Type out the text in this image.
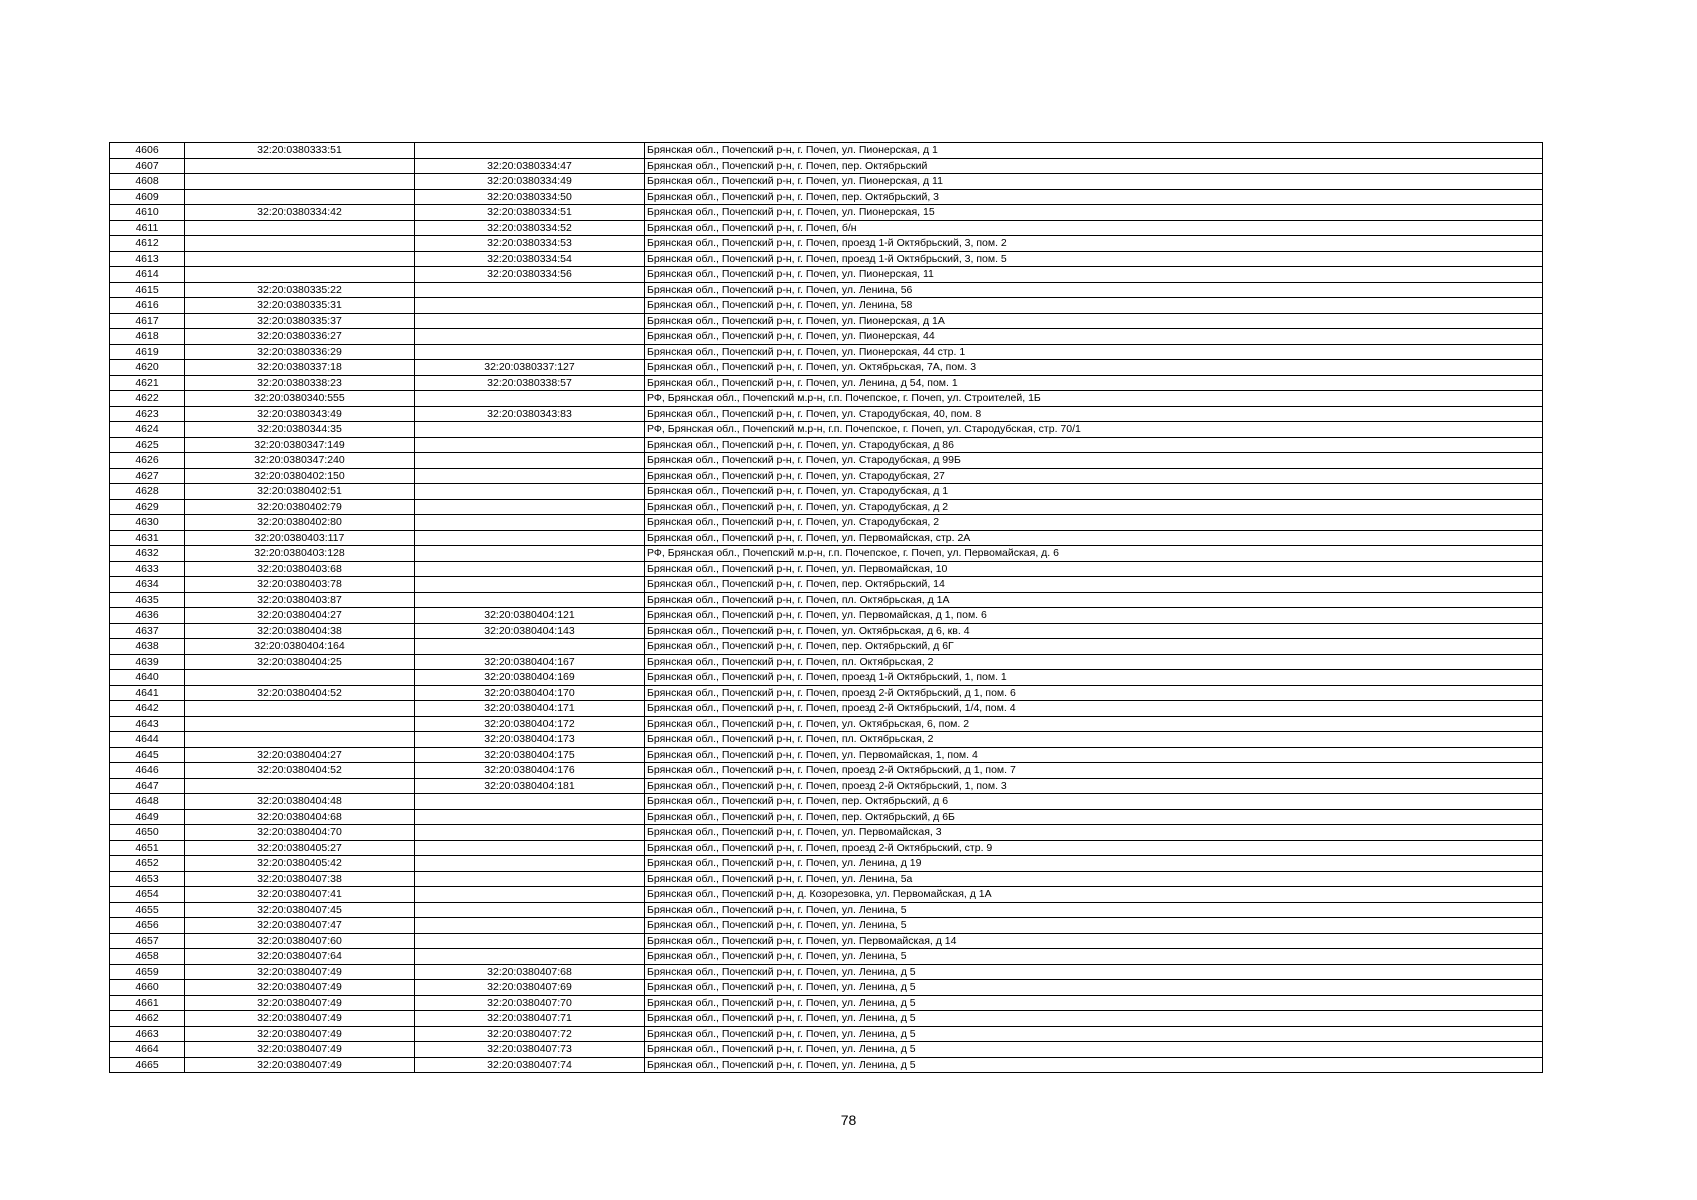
4606	32:20:0380333:51		Брянская обл., Почепский р-н, г. Почеп, ул. Пионерская, д 1
4607		32:20:0380334:47	Брянская обл., Почепский р-н, г. Почеп, пер. Октябрьский
4608		32:20:0380334:49	Брянская обл., Почепский р-н, г. Почеп, ул. Пионерская, д 11
4609		32:20:0380334:50	Брянская обл., Почепский р-н, г. Почеп, пер. Октябрьский, 3
4610	32:20:0380334:42	32:20:0380334:51	Брянская обл., Почепский р-н, г. Почеп, ул. Пионерская, 15
4611		32:20:0380334:52	Брянская обл., Почепский р-н, г. Почеп, б/н
4612		32:20:0380334:53	Брянская обл., Почепский р-н, г. Почеп, проезд 1-й Октябрьский, 3, пом. 2
4613		32:20:0380334:54	Брянская обл., Почепский р-н, г. Почеп, проезд 1-й Октябрьский, 3, пом. 5
4614		32:20:0380334:56	Брянская обл., Почепский р-н, г. Почеп, ул. Пионерская, 11
4615	32:20:0380335:22		Брянская обл., Почепский р-н, г. Почеп, ул. Ленина, 56
4616	32:20:0380335:31		Брянская обл., Почепский р-н, г. Почеп, ул. Ленина, 58
4617	32:20:0380335:37		Брянская обл., Почепский р-н, г. Почеп, ул. Пионерская, д 1А
4618	32:20:0380336:27		Брянская обл., Почепский р-н, г. Почеп, ул. Пионерская, 44
4619	32:20:0380336:29		Брянская обл., Почепский р-н, г. Почеп, ул. Пионерская, 44 стр. 1
4620	32:20:0380337:18	32:20:0380337:127	Брянская обл., Почепский р-н, г. Почеп, ул. Октябрьская, 7А, пом. 3
4621	32:20:0380338:23	32:20:0380338:57	Брянская обл., Почепский р-н, г. Почеп, ул. Ленина, д 54, пом. 1
4622	32:20:0380340:555		РФ, Брянская обл., Почепский м.р-н, г.п. Почепское, г. Почеп, ул. Строителей, 1Б
4623	32:20:0380343:49	32:20:0380343:83	Брянская обл., Почепский р-н, г. Почеп, ул. Стародубская, 40, пом. 8
4624	32:20:0380344:35		РФ, Брянская обл., Почепский м.р-н, г.п. Почепское, г. Почеп, ул. Стародубская, стр. 70/1
4625	32:20:0380347:149		Брянская обл., Почепский р-н, г. Почеп, ул. Стародубская, д 86
4626	32:20:0380347:240		Брянская обл., Почепский р-н, г. Почеп, ул. Стародубская, д 99Б
4627	32:20:0380402:150		Брянская обл., Почепский р-н, г. Почеп, ул. Стародубская, 27
4628	32:20:0380402:51		Брянская обл., Почепский р-н, г. Почеп, ул. Стародубская, д 1
4629	32:20:0380402:79		Брянская обл., Почепский р-н, г. Почеп, ул. Стародубская, д 2
4630	32:20:0380402:80		Брянская обл., Почепский р-н, г. Почеп, ул. Стародубская, 2
4631	32:20:0380403:117		Брянская обл., Почепский р-н, г. Почеп, ул. Первомайская, стр. 2А
4632	32:20:0380403:128		РФ, Брянская обл., Почепский м.р-н, г.п. Почепское, г. Почеп, ул. Первомайская, д. 6
4633	32:20:0380403:68		Брянская обл., Почепский р-н, г. Почеп, ул. Первомайская, 10
4634	32:20:0380403:78		Брянская обл., Почепский р-н, г. Почеп, пер. Октябрьский, 14
4635	32:20:0380403:87		Брянская обл., Почепский р-н, г. Почеп, пл. Октябрьская, д 1А
4636	32:20:0380404:27	32:20:0380404:121	Брянская обл., Почепский р-н, г. Почеп, ул. Первомайская, д 1, пом. 6
4637	32:20:0380404:38	32:20:0380404:143	Брянская обл., Почепский р-н, г. Почеп, ул. Октябрьская, д 6, кв. 4
4638	32:20:0380404:164		Брянская обл., Почепский р-н, г. Почеп, пер. Октябрьский, д 6Г
4639	32:20:0380404:25	32:20:0380404:167	Брянская обл., Почепский р-н, г. Почеп, пл. Октябрьская, 2
4640		32:20:0380404:169	Брянская обл., Почепский р-н, г. Почеп, проезд 1-й Октябрьский, 1, пом. 1
4641	32:20:0380404:52	32:20:0380404:170	Брянская обл., Почепский р-н, г. Почеп, проезд 2-й Октябрьский, д 1, пом. 6
4642		32:20:0380404:171	Брянская обл., Почепский р-н, г. Почеп, проезд 2-й Октябрьский, 1/4, пом. 4
4643		32:20:0380404:172	Брянская обл., Почепский р-н, г. Почеп, ул. Октябрьская, 6, пом. 2
4644		32:20:0380404:173	Брянская обл., Почепский р-н, г. Почеп, пл. Октябрьская, 2
4645	32:20:0380404:27	32:20:0380404:175	Брянская обл., Почепский р-н, г. Почеп, ул. Первомайская, 1, пом. 4
4646	32:20:0380404:52	32:20:0380404:176	Брянская обл., Почепский р-н, г. Почеп, проезд 2-й Октябрьский, д 1, пом. 7
4647		32:20:0380404:181	Брянская обл., Почепский р-н, г. Почеп, проезд 2-й Октябрьский, 1, пом. 3
4648	32:20:0380404:48		Брянская обл., Почепский р-н, г. Почеп, пер. Октябрьский, д 6
4649	32:20:0380404:68		Брянская обл., Почепский р-н, г. Почеп, пер. Октябрьский, д 6Б
4650	32:20:0380404:70		Брянская обл., Почепский р-н, г. Почеп, ул. Первомайская, 3
4651	32:20:0380405:27		Брянская обл., Почепский р-н, г. Почеп, проезд 2-й Октябрьский, стр. 9
4652	32:20:0380405:42		Брянская обл., Почепский р-н, г. Почеп, ул. Ленина, д 19
4653	32:20:0380407:38		Брянская обл., Почепский р-н, г. Почеп, ул. Ленина, 5а
4654	32:20:0380407:41		Брянская обл., Почепский р-н, д. Козорезовка, ул. Первомайская, д 1А
4655	32:20:0380407:45		Брянская обл., Почепский р-н, г. Почеп, ул. Ленина, 5
4656	32:20:0380407:47		Брянская обл., Почепский р-н, г. Почеп, ул. Ленина, 5
4657	32:20:0380407:60		Брянская обл., Почепский р-н, г. Почеп, ул. Первомайская, д 14
4658	32:20:0380407:64		Брянская обл., Почепский р-н, г. Почеп, ул. Ленина, 5
4659	32:20:0380407:49	32:20:0380407:68	Брянская обл., Почепский р-н, г. Почеп, ул. Ленина, д 5
4660	32:20:0380407:49	32:20:0380407:69	Брянская обл., Почепский р-н, г. Почеп, ул. Ленина, д 5
4661	32:20:0380407:49	32:20:0380407:70	Брянская обл., Почепский р-н, г. Почеп, ул. Ленина, д 5
4662	32:20:0380407:49	32:20:0380407:71	Брянская обл., Почепский р-н, г. Почеп, ул. Ленина, д 5
4663	32:20:0380407:49	32:20:0380407:72	Брянская обл., Почепский р-н, г. Почеп, ул. Ленина, д 5
4664	32:20:0380407:49	32:20:0380407:73	Брянская обл., Почепский р-н, г. Почеп, ул. Ленина, д 5
4665	32:20:0380407:49	32:20:0380407:74	Брянская обл., Почепский р-н, г. Почеп, ул. Ленина, д 5
78
